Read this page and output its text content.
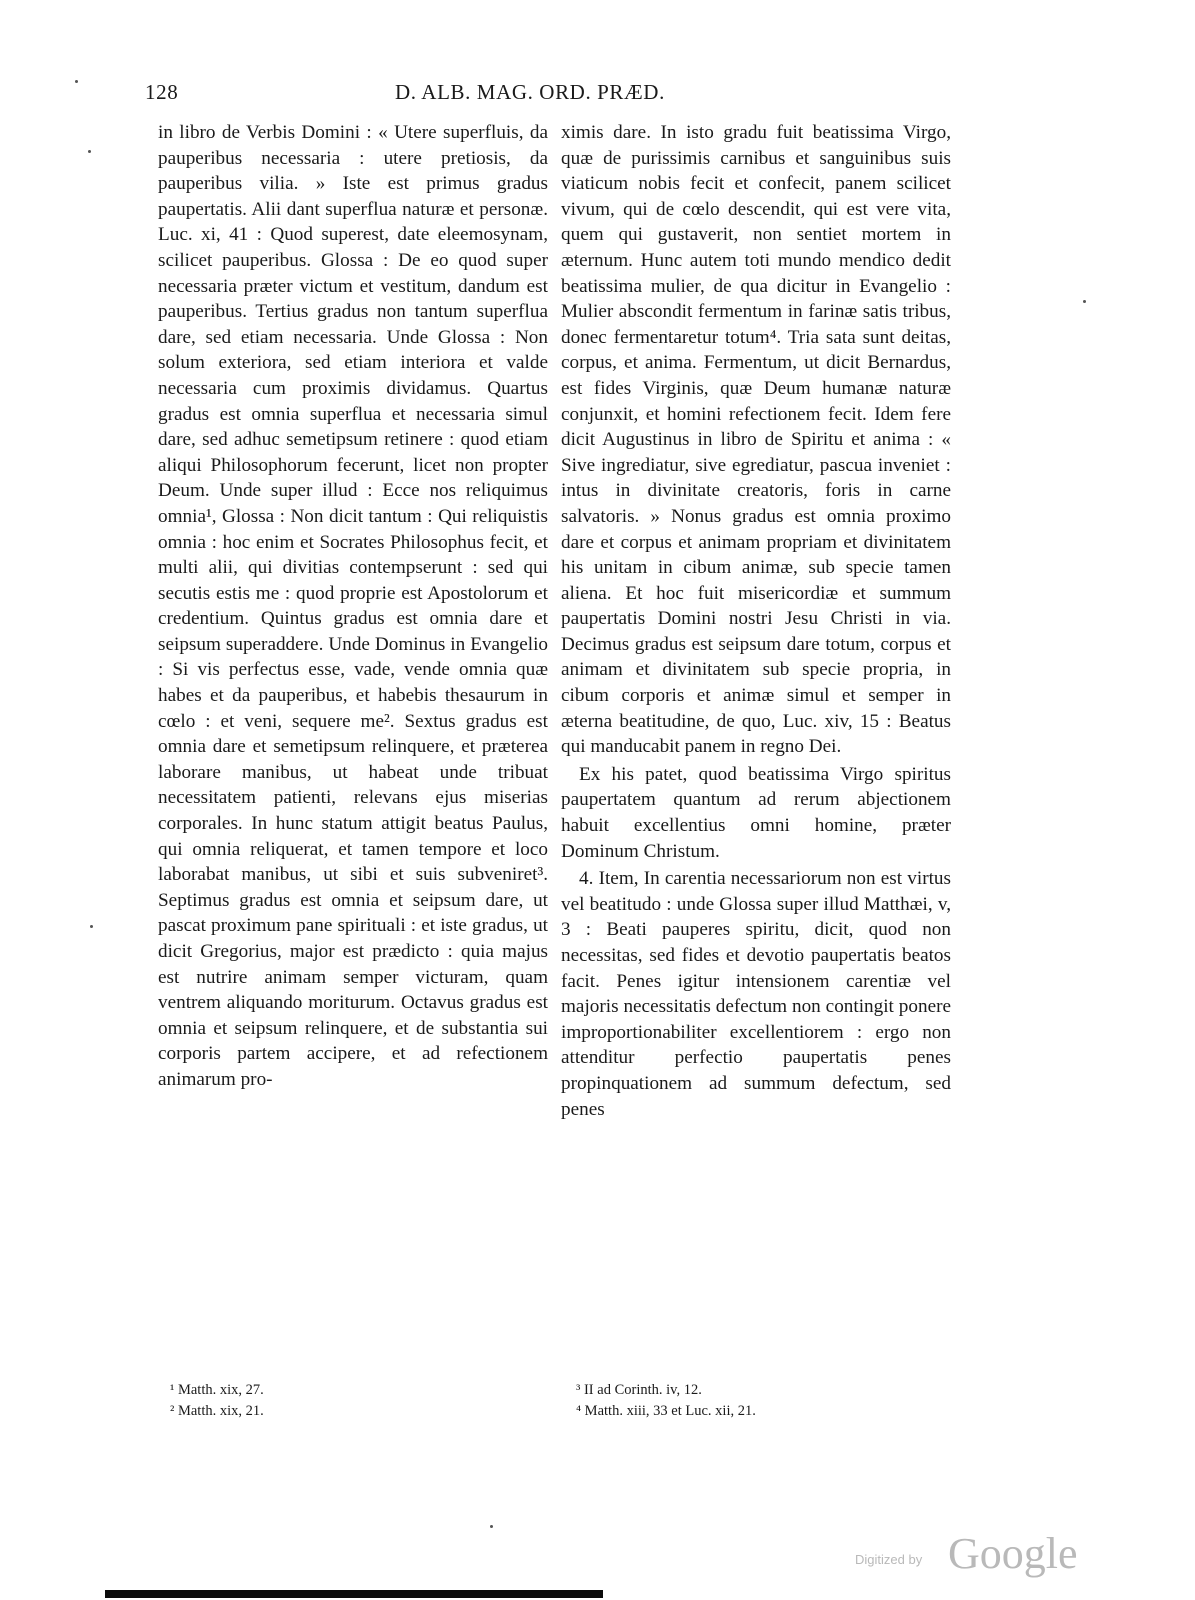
128	D. ALB. MAG. ORD. PRÆD.

in libro de Verbis Domini : « Utere superfluis, da pauperibus necessaria : utere pretiosis, da pauperibus vilia. » Iste est primus gradus paupertatis. Alii dant superflua naturæ et personæ. Luc. xi, 41 : Quod superest, date eleemosynam, scilicet pauperibus. Glossa : De eo quod super necessaria præter victum et vestitum, dandum est pauperibus. Tertius gradus non tantum superflua dare, sed etiam necessaria. Unde Glossa : Non solum exteriora, sed etiam interiora et valde necessaria cum proximis dividamus. Quartus gradus est omnia superflua et necessaria simul dare, sed adhuc semetipsum retinere : quod etiam aliqui Philosophorum fecerunt, licet non propter Deum. Unde super illud : Ecce nos reliquimus omnia¹, Glossa : Non dicit tantum : Qui reliquistis omnia : hoc enim et Socrates Philosophus fecit, et multi alii, qui divitias contempserunt : sed qui secutis estis me : quod proprie est Apostolorum et credentium. Quintus gradus est omnia dare et seipsum superaddere. Unde Dominus in Evangelio : Si vis perfectus esse, vade, vende omnia quæ habes et da pauperibus, et habebis thesaurum in cœlo : et veni, sequere me². Sextus gradus est omnia dare et semetipsum relinquere, et præterea laborare manibus, ut habeat unde tribuat necessitatem patienti, relevans ejus miserias corporales. In hunc statum attigit beatus Paulus, qui omnia reliquerat, et tamen tempore et loco laborabat manibus, ut sibi et suis subveniret³. Septimus gradus est omnia et seipsum dare, ut pascat proximum pane spirituali : et iste gradus, ut dicit Gregorius, major est prædicto : quia majus est nutrire animam semper victuram, quam ventrem aliquando moriturum. Octavus gradus est omnia et seipsum relinquere, et de substantia sui corporis partem accipere, et ad refectionem animarum pro-

ximis dare. In isto gradu fuit beatissima Virgo, quæ de purissimis carnibus et sanguinibus suis viaticum nobis fecit et confecit, panem scilicet vivum, qui de cœlo descendit, qui est vere vita, quem qui gustaverit, non sentiet mortem in æternum. Hunc autem toti mundo mendico dedit beatissima mulier, de qua dicitur in Evangelio : Mulier abscondit fermentum in farinæ satis tribus, donec fermentaretur totum⁴. Tria sata sunt deitas, corpus, et anima. Fermentum, ut dicit Bernardus, est fides Virginis, quæ Deum humanæ naturæ conjunxit, et homini refectionem fecit. Idem fere dicit Augustinus in libro de Spiritu et anima : « Sive ingrediatur, sive egrediatur, pascua inveniet : intus in divinitate creatoris, foris in carne salvatoris. » Nonus gradus est omnia proximo dare et corpus et animam propriam et divinitatem his unitam in cibum animæ, sub specie tamen aliena. Et hoc fuit misericordiæ et summum paupertatis Domini nostri Jesu Christi in via. Decimus gradus est seipsum dare totum, corpus et animam et divinitatem sub specie propria, in cibum corporis et animæ simul et semper in æterna beatitudine, de quo, Luc. xiv, 15 : Beatus qui manducabit panem in regno Dei.

Ex his patet, quod beatissima Virgo spiritus paupertatem quantum ad rerum abjectionem habuit excellentius omni homine, præter Dominum Christum.

4. Item, In carentia necessariorum non est virtus vel beatitudo : unde Glossa super illud Matthæi, v, 3 : Beati pauperes spiritu, dicit, quod non necessitas, sed fides et devotio paupertatis beatos facit. Penes igitur intensionem carentiæ vel majoris necessitatis defectum non contingit ponere improportionabiliter excellentiorem : ergo non attenditur perfectio paupertatis penes propinquationem ad summum defectum, sed penes

¹ Matth. xix, 27.
² Matth. xix, 21.
³ II ad Corinth. iv, 12.
⁴ Matth. xiii, 33 et Luc. xii, 21.
Digitized by Google
